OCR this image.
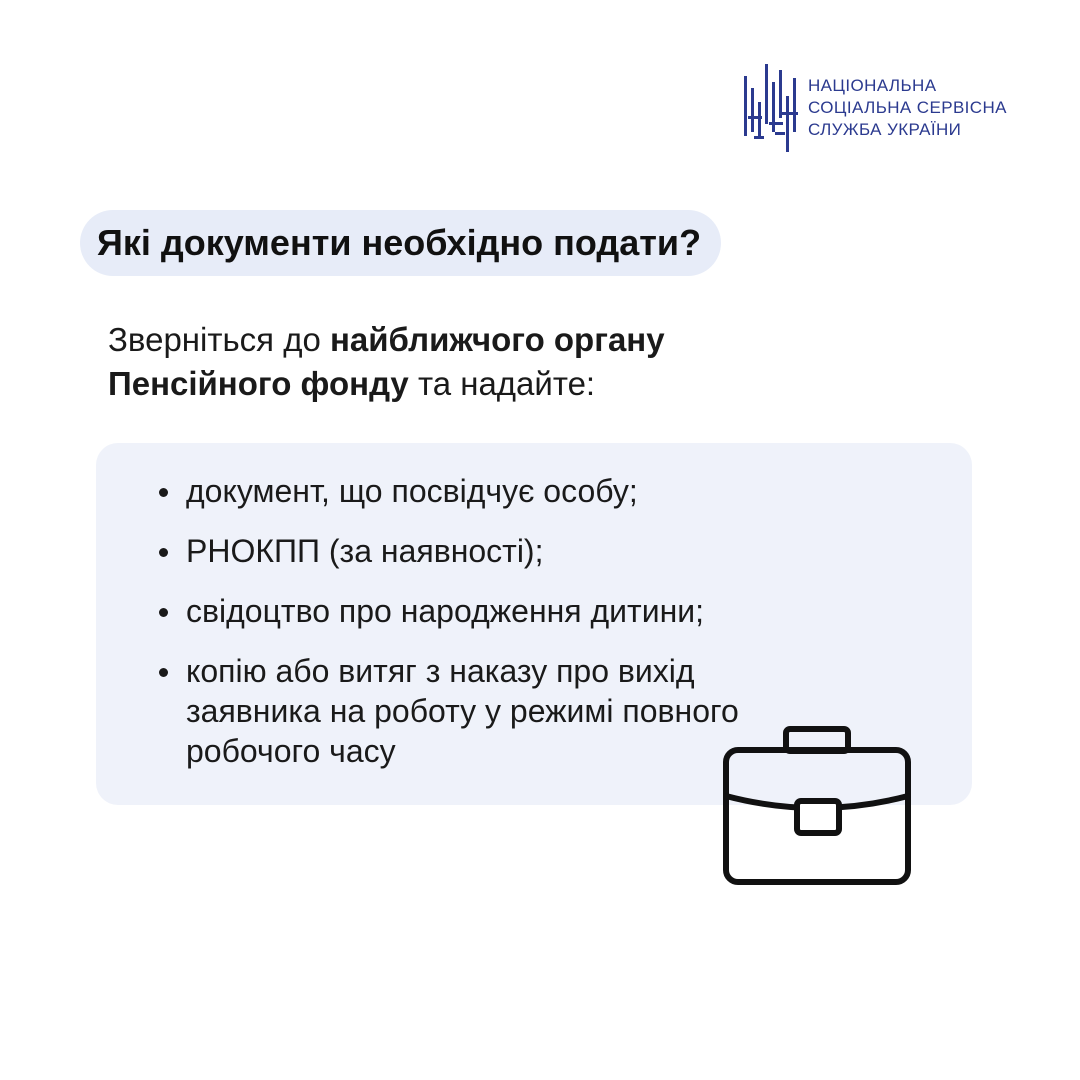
НАЦІОНАЛЬНА
СОЦІАЛЬНА СЕРВІСНА
СЛУЖБА УКРАЇНИ
Які документи необхідно подати?
Зверніться до найближчого органу
Пенсійного фонду та надайте:
документ, що посвідчує особу;
РНОКПП (за наявності);
свідоцтво про народження дитини;
копію або витяг з наказу про вихід заявника на роботу у режимі повного робочого часу
